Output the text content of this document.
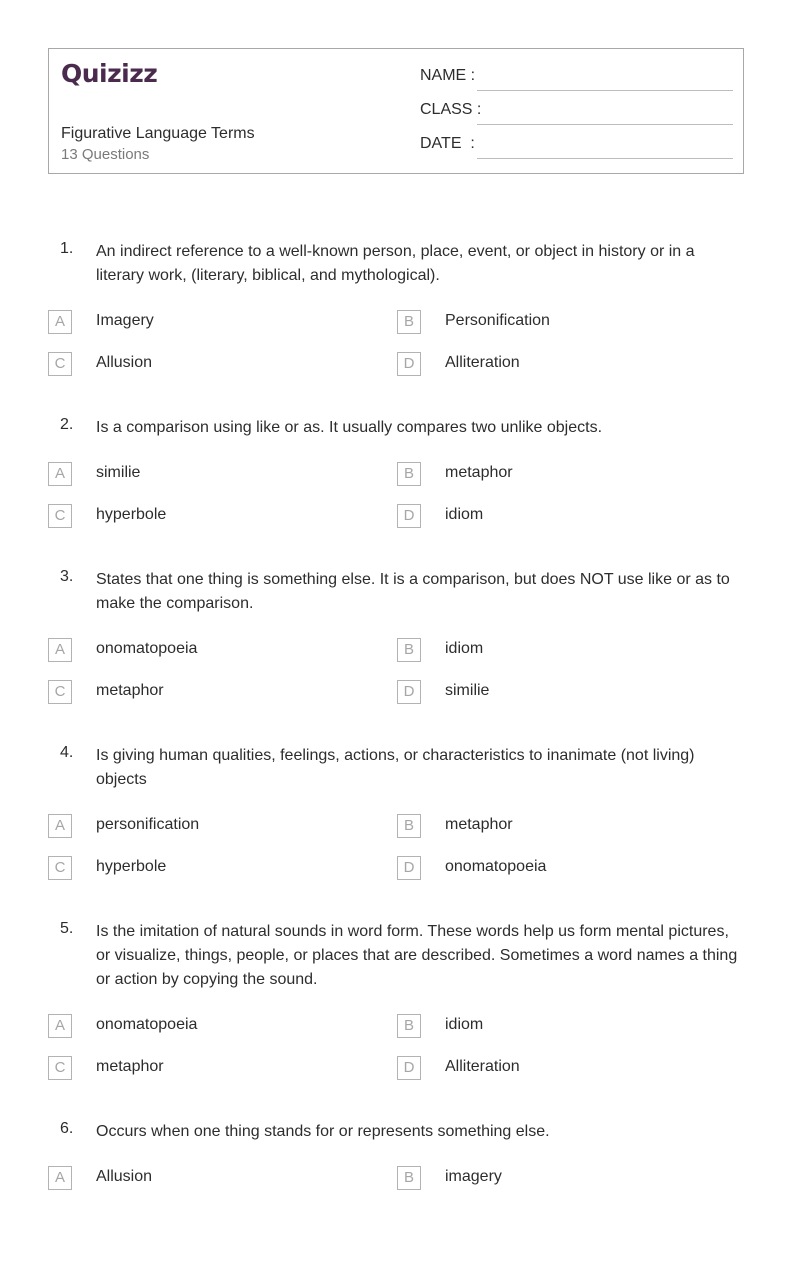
Quizizz
Figurative Language Terms
13 Questions
NAME :
CLASS :
DATE  :
1. An indirect reference to a well-known person, place, event, or object in history or in a literary work, (literary, biblical, and mythological).
A	Imagery	B	Personification
C	Allusion	D	Alliteration
2. Is a comparison using like or as. It usually compares two unlike objects.
A	similie	B	metaphor
C	hyperbole	D	idiom
3. States that one thing is something else. It is a comparison, but does NOT use like or as to make the comparison.
A	onomatopoeia	B	idiom
C	metaphor	D	similie
4. Is giving human qualities, feelings, actions, or characteristics to inanimate (not living) objects
A	personification	B	metaphor
C	hyperbole	D	onomatopoeia
5. Is the imitation of natural sounds in word form. These words help us form mental pictures, or visualize, things, people, or places that are described. Sometimes a word names a thing or action by copying the sound.
A	onomatopoeia	B	idiom
C	metaphor	D	Alliteration
6. Occurs when one thing stands for or represents something else.
A	Allusion	B	imagery
